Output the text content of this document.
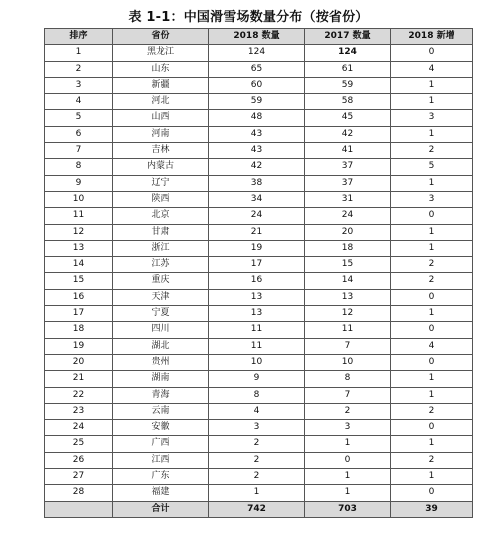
表 1-1：中国滑雪场数量分布（按省份）
排序	省份	2018 数量	2017 数量	2018 新增
1	黑龙江	124	124	0
2	山东	65	61	4
3	新疆	60	59	1
4	河北	59	58	1
5	山西	48	45	3
6	河南	43	42	1
7	吉林	43	41	2
8	内蒙古	42	37	5
9	辽宁	38	37	1
10	陕西	34	31	3
11	北京	24	24	0
12	甘肃	21	20	1
13	浙江	19	18	1
14	江苏	17	15	2
15	重庆	16	14	2
16	天津	13	13	0
17	宁夏	13	12	1
18	四川	11	11	0
19	湖北	11	7	4
20	贵州	10	10	0
21	湖南	9	8	1
22	青海	8	7	1
23	云南	4	2	2
24	安徽	3	3	0
25	广西	2	1	1
26	江西	2	0	2
27	广东	2	1	1
28	福建	1	1	0
	合计	742	703	39
